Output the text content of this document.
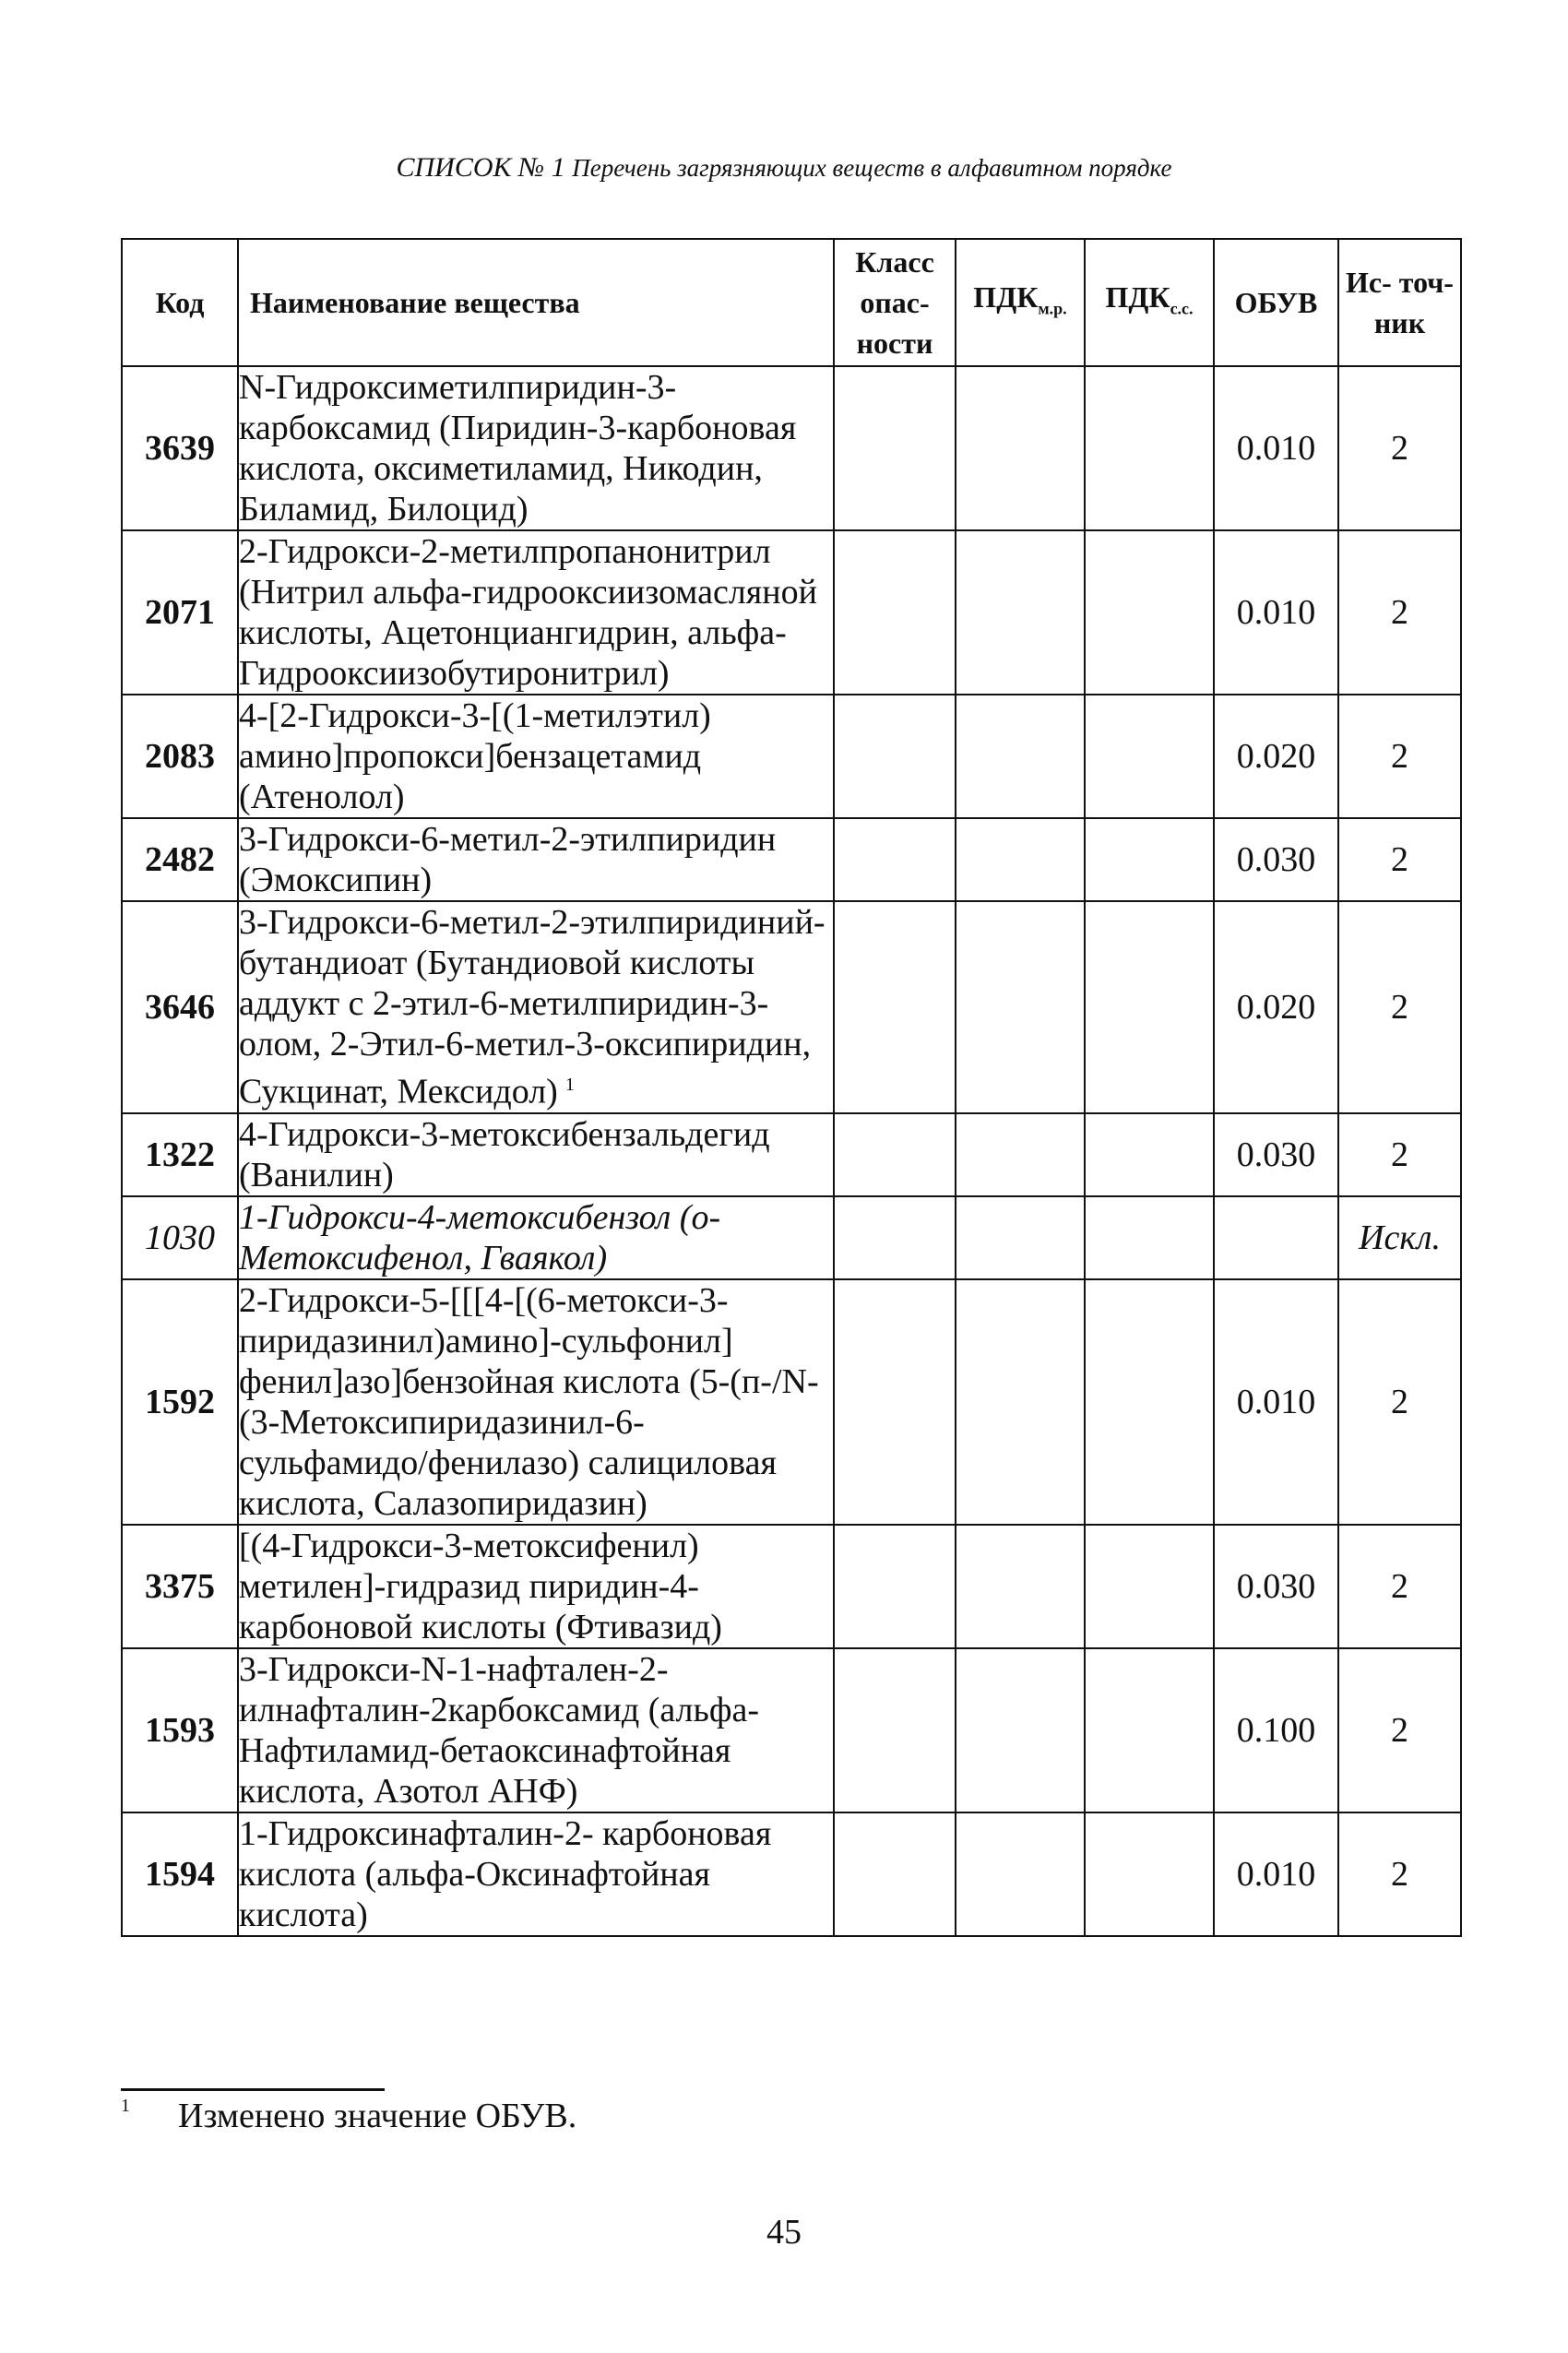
СПИСОК № 1 Перечень загрязняющих веществ в алфавитном порядке
Код	Наименование вещества	Класс опас- ности	$ПДК_{м.р.}$	$ПДК_{с.с.}$	ОБУВ	Ис- точ- ник
3639	N-Гидроксиметилпиридин-3-карбоксамид (Пиридин-3-карбоновая кислота, оксиметиламид, Никодин, Биламид, Билоцид)				0.010	2
2071	2-Гидрокси-2-метилпропанонитрил (Нитрил альфа-гидрооксиизомасляной кислоты, Ацетонциангидрин, альфа-Гидрооксиизобутиронитрил)				0.010	2
2083	4-[2-Гидрокси-3-[(1-метилэтил) амино]пропокси]бензацетамид (Атенолол)				0.020	2
2482	3-Гидрокси-6-метил-2-этилпиридин (Эмоксипин)				0.030	2
3646	3-Гидрокси-6-метил-2-этилпиридиний-бутандиоат (Бутандиовой кислоты аддукт с 2-этил-6-метилпиридин-3-олом, 2-Этил-6-метил-3-оксипиридин, Сукцинат, Мексидол) $^1$				0.020	2
1322	4-Гидрокси-3-метоксибензальдегид (Ванилин)				0.030	2
1030	1-Гидрокси-4-метоксибензол (о-Метоксифенол, Гваякол)					Искл.
1592	2-Гидрокси-5-[[[4-[(6-метокси-3-пиридазинил)амино]-сульфонил] фенил]азо]бензойная кислота (5-(п-/N-(3-Метоксипиридазинил-6-сульфамидо/фенилазо) салициловая кислота, Салазопиридазин)				0.010	2
3375	[(4-Гидрокси-3-метоксифенил) метилен]-гидразид пиридин-4-карбоновой кислоты (Фтивазид)				0.030	2
1593	3-Гидрокси-N-1-нафтален-2-илнафталин-2карбоксамид (альфа-Нафтиламид-бетаоксинафтойная кислота, Азотол АНФ)				0.100	2
1594	1-Гидроксинафталин-2- карбоновая кислота (альфа-Оксинафтойная кислота)				0.010	2
1 Изменено значение ОБУВ.
45
